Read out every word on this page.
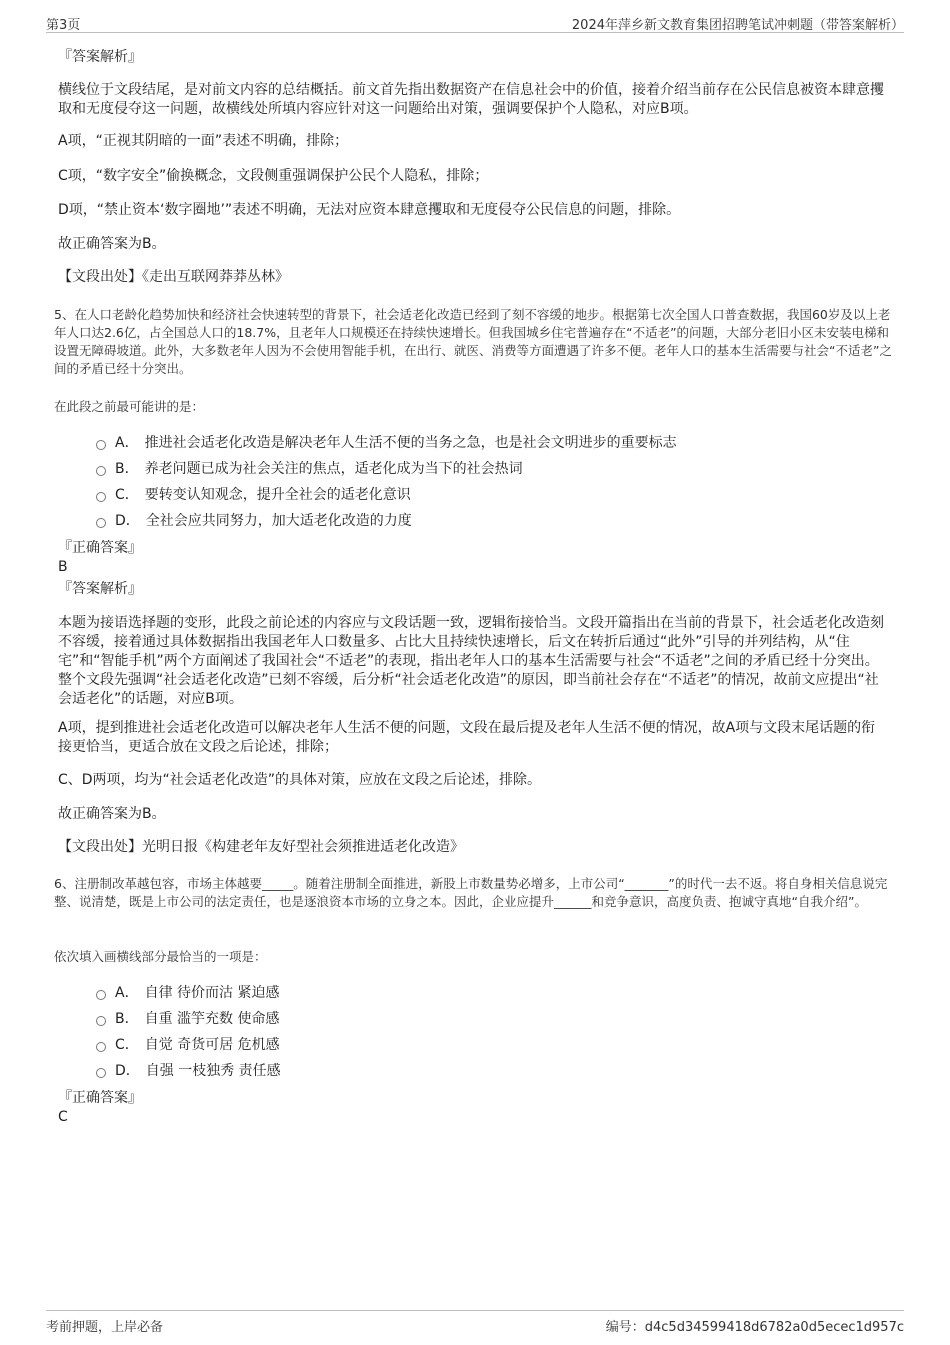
第3页	2024年萍乡新文教育集团招聘笔试冲刺题（带答案解析）
『答案解析』
横线位于文段结尾，是对前文内容的总结概括。前文首先指出数据资产在信息社会中的价值，接着介绍当前存在公民信息被资本肆意攫取和无度侵夺这一问题，故横线处所填内容应针对这一问题给出对策，强调要保护个人隐私，对应B项。
A项，“正视其阴暗的一面”表述不明确，排除；
C项，“数字安全”偷换概念，文段侧重强调保护公民个人隐私，排除；
D项，“禁止资本‘数字圈地’”表述不明确，无法对应资本肆意攫取和无度侵夺公民信息的问题，排除。
故正确答案为B。
【文段出处】《走出互联网莽莽丛林》
5、在人口老龄化趋势加快和经济社会快速转型的背景下，社会适老化改造已经到了刻不容缓的地步。根据第七次全国人口普查数据，我国60岁及以上老年人口达2.6亿，占全国总人口的18.7%，且老年人口规模还在持续快速增长。但我国城乡住宅普遍存在“不适老”的问题，大部分老旧小区未安装电梯和设置无障碍坡道。此外，大多数老年人因为不会使用智能手机，在出行、就医、消费等方面遭遇了许多不便。老年人口的基本生活需要与社会“不适老”之间的矛盾已经十分突出。
在此段之前最可能讲的是：
A． 推进社会适老化改造是解决老年人生活不便的当务之急，也是社会文明进步的重要标志
B． 养老问题已成为社会关注的焦点，适老化成为当下的社会热词
C． 要转变认知观念，提升全社会的适老化意识
D． 全社会应共同努力，加大适老化改造的力度
『正确答案』
B
『答案解析』
本题为接语选择题的变形，此段之前论述的内容应与文段话题一致，逻辑衔接恰当。文段开篇指出在当前的背景下，社会适老化改造刻不容缓，接着通过具体数据指出我国老年人口数量多、占比大且持续快速增长，后文在转折后通过“此外”引导的并列结构，从“住宅”和“智能手机”两个方面阐述了我国社会“不适老”的表现，指出老年人口的基本生活需要与社会“不适老”之间的矛盾已经十分突出。整个文段先强调“社会适老化改造”已刻不容缓，后分析“社会适老化改造”的原因，即当前社会存在“不适老”的情况，故前文应提出“社会适老化”的话题，对应B项。
A项，提到推进社会适老化改造可以解决老年人生活不便的问题，文段在最后提及老年人生活不便的情况，故A项与文段末尾话题的衔接更恰当，更适合放在文段之后论述，排除；
C、D两项，均为“社会适老化改造”的具体对策，应放在文段之后论述，排除。
故正确答案为B。
【文段出处】光明日报《构建老年友好型社会须推进适老化改造》
6、注册制改革越包容，市场主体越要_____。随着注册制全面推进，新股上市数量势必增多，上市公司“_______”的时代一去不返。将自身相关信息说完整、说清楚，既是上市公司的法定责任，也是逐浪资本市场的立身之本。因此，企业应提升______和竞争意识，高度负责、抱诚守真地“自我介绍”。
依次填入画横线部分最恰当的一项是：
A． 自律 待价而沽 紧迫感
B． 自重 滥竽充数 使命感
C． 自觉 奇货可居 危机感
D． 自强 一枝独秀 责任感
『正确答案』
C
考前押题，上岸必备	编号：d4c5d34599418d6782a0d5ecec1d957c
